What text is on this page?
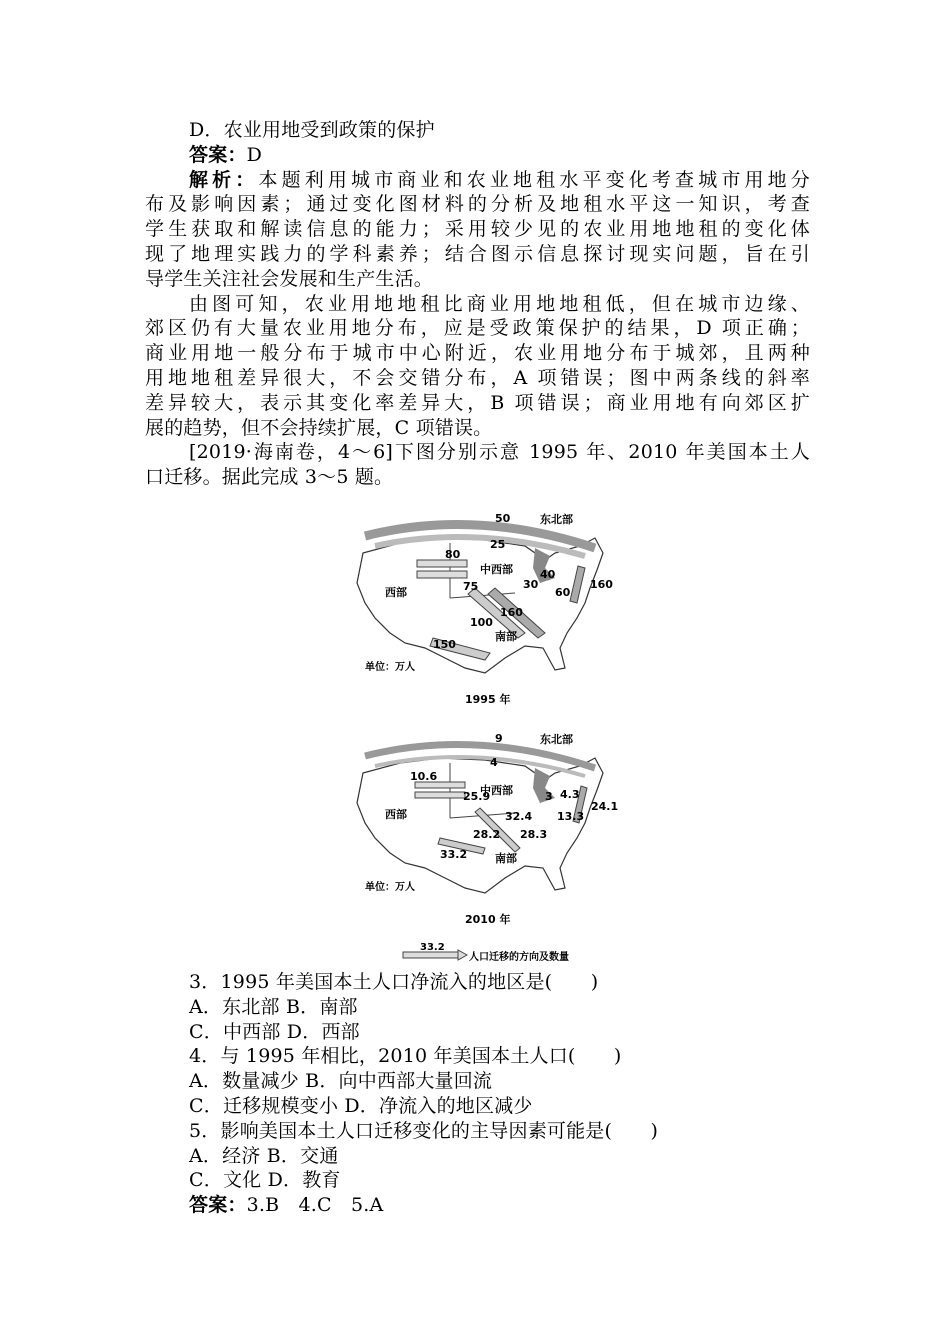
D．农业用地受到政策的保护
答案：D
解析：本题利用城市商业和农业地租水平变化考查城市用地分
布及影响因素；通过变化图材料的分析及地租水平这一知识，考查
学生获取和解读信息的能力；采用较少见的农业用地地租的变化体
现了地理实践力的学科素养；结合图示信息探讨现实问题，旨在引
导学生关注社会发展和生产生活。
由图可知，农业用地地租比商业用地地租低，但在城市边缘、
郊区仍有大量农业用地分布，应是受政策保护的结果，D 项正确；
商业用地一般分布于城市中心附近，农业用地分布于城郊，且两种
用地地租差异很大，不会交错分布，A 项错误；图中两条线的斜率
差异较大，表示其变化率差异大，B 项错误；商业用地有向郊区扩
展的趋势，但不会持续扩展，C 项错误。
[2019·海南卷，4～6]下图分别示意 1995 年、2010 年美国本土人
口迁移。据此完成 3～5 题。
50
25
80
75
100
150
160
30
40
60
160
东北部
中西部
西部
南部
单位：万人
1995 年
9
4
10.6
25.9
28.2
33.2
32.4
28.3
3 4.3
13.3
24.1
东北部
中西部
西部
南部
单位：万人
2010 年
33.2
人口迁移的方向及数量
3．1995 年美国本土人口净流入的地区是(　　)
A．东北部 B．南部
C．中西部 D．西部
4．与 1995 年相比，2010 年美国本土人口(　　)
A．数量减少 B．向中西部大量回流
C．迁移规模变小 D．净流入的地区减少
5．影响美国本土人口迁移变化的主导因素可能是(　　)
A．经济 B．交通
C．文化 D．教育
答案：3.B　4.C　5.A
